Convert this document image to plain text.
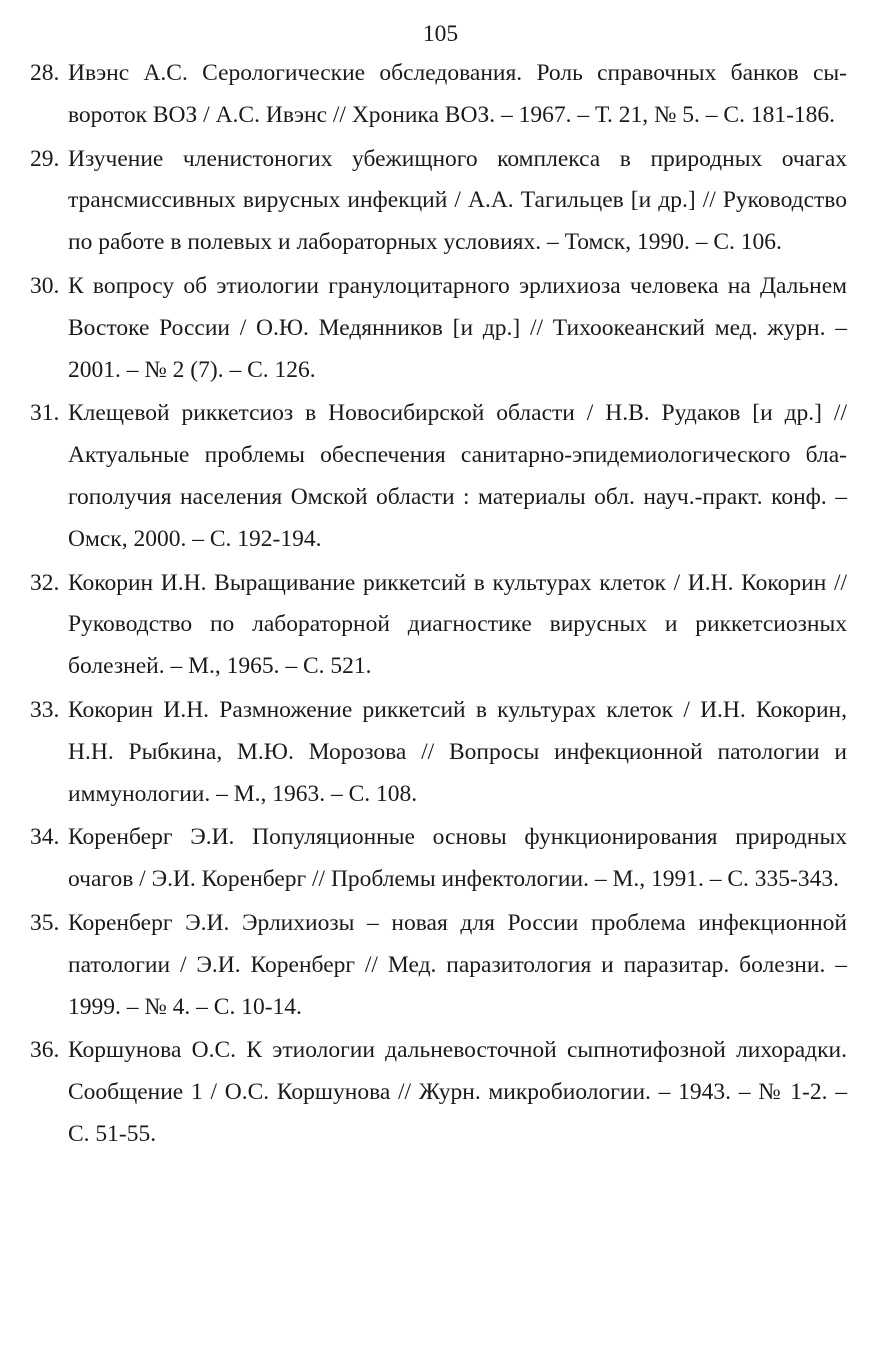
105
28. Ивэнс А.С. Серологические обследования. Роль справочных банков сывороток ВОЗ / А.С. Ивэнс // Хроника ВОЗ. – 1967. – Т. 21, № 5. – С. 181-186.
29. Изучение членистоногих убежищного комплекса в природных очагах трансмиссивных вирусных инфекций / А.А. Тагильцев [и др.] // Руководство по работе в полевых и лабораторных условиях. – Томск, 1990. – С. 106.
30. К вопросу об этиологии гранулоцитарного эрлихиоза человека на Дальнем Востоке России / О.Ю. Медянников [и др.] // Тихоокеанский мед. журн. – 2001. – № 2 (7). – С. 126.
31. Клещевой риккетсиоз в Новосибирской области / Н.В. Рудаков [и др.] // Актуальные проблемы обеспечения санитарно-эпидемиологического благополучия населения Омской области : материалы обл. науч.-практ. конф. – Омск, 2000. – С. 192-194.
32. Кокорин И.Н. Выращивание риккетсий в культурах клеток / И.Н. Кокорин // Руководство по лабораторной диагностике вирусных и риккетсиозных болезней. – М., 1965. – С. 521.
33. Кокорин И.Н. Размножение риккетсий в культурах клеток / И.Н. Кокорин, Н.Н. Рыбкина, М.Ю. Морозова // Вопросы инфекционной патологии и иммунологии. – М., 1963. – С. 108.
34. Коренберг Э.И. Популяционные основы функционирования природных очагов / Э.И. Коренберг // Проблемы инфектологии. – М., 1991. – С. 335-343.
35. Коренберг Э.И. Эрлихиозы – новая для России проблема инфекционной патологии / Э.И. Коренберг // Мед. паразитология и паразитар. болезни. – 1999. – № 4. – С. 10-14.
36. Коршунова О.С. К этиологии дальневосточной сыпнотифозной лихорадки. Сообщение 1 / О.С. Коршунова // Журн. микробиологии. – 1943. – № 1-2. – С. 51-55.
